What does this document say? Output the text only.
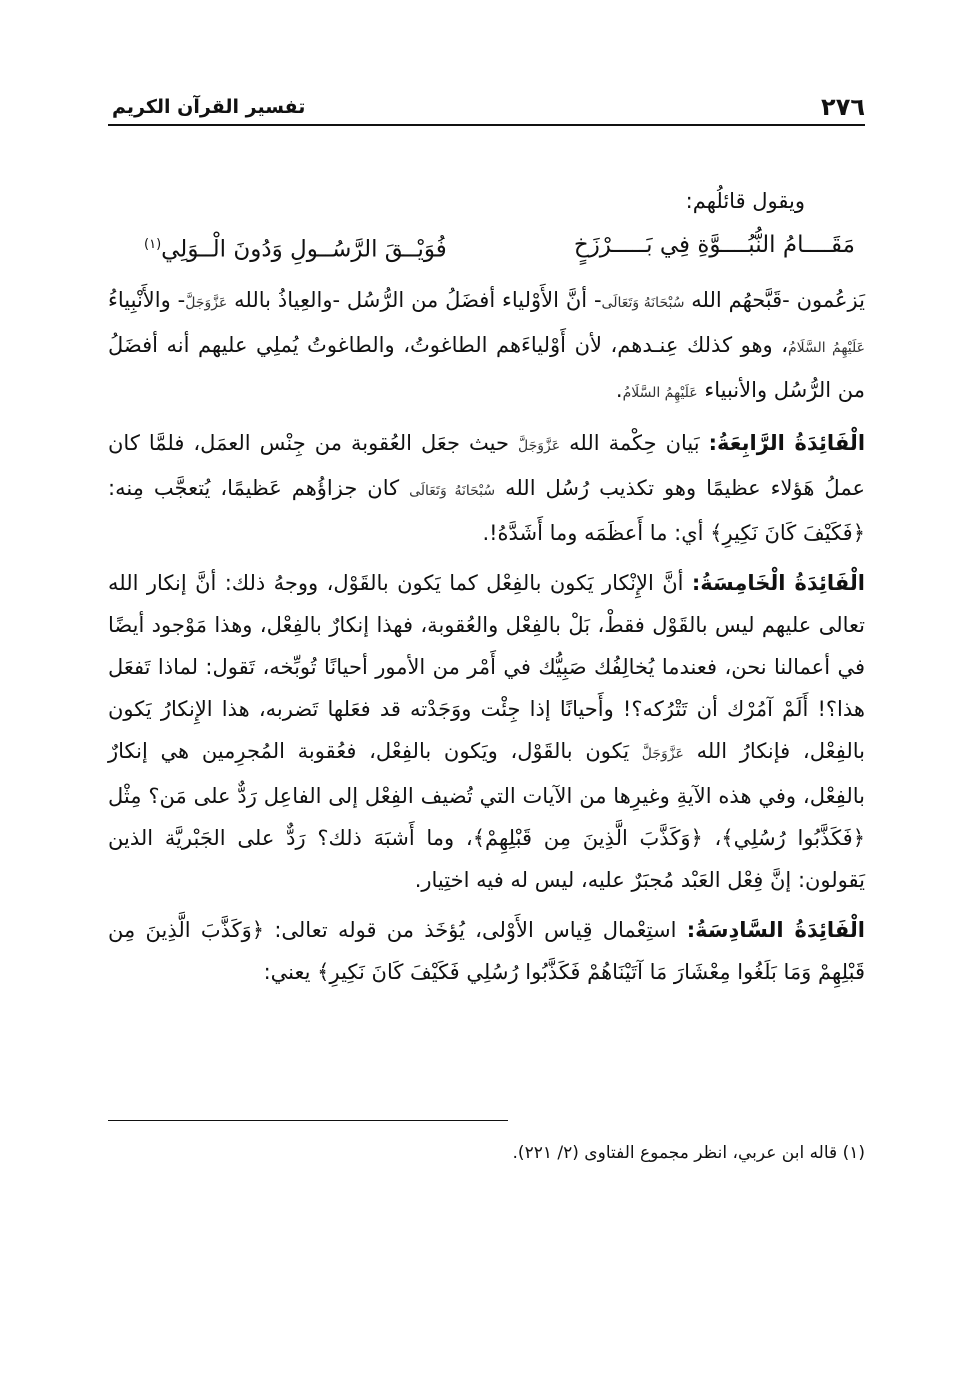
٢٧٦
تفسير القرآن الكريم

ويقول قائلُهم:

مَقَــــامُ النُّبُــــوَّةِ فِي بَـــــرْزَخٍ
فُوَيْــقَ الرَّسُــولِ وَدُونَ الْــوَلِي$^{(١)}$

يَزعُمون -قَبَّحهُم الله سُبْحَانَهُ وَتَعَالَى- أنَّ الأَوْلياء أفضَلُ من الرُّسُل -والعِياذُ بالله عَزَّوَجَلَّ- والأَنْبِياءُ عَلَيْهِمُ السَّلَامُ، وهو كذلك عِنـدهم، لأن أَوْلياءَهم الطاغوتُ، والطاغوتُ يُملِي عليهم أنه أفضَلُ من الرُّسُل والأنبياء عَلَيْهِمُ السَّلَامُ.

الْفَائِدَةُ الرَّابِعَةُ: بَيان حِكْمة الله عَزَّوَجَلَّ حيث جعَل العُقوبة من جِنْس العمَل، فلمَّا كان عملُ هَؤلاء عظيمًا وهو تكذيب رُسُل الله سُبْحَانَهُ وَتَعَالَى كان جزاؤُهم عَظيمًا، يُتعجَّب مِنه: ﴿فَكَيْفَ كَانَ نَكِيرِ﴾ أي: ما أَعظَمَه وما أَشَدَّهُ!.

الْفَائِدَةُ الْخَامِسَةُ: أنَّ الإِنْكار يَكون بالفِعْل كما يَكون بالقَوْل، ووجهُ ذلك: أنَّ إنكار الله تعالى عليهم ليس بالقَوْل فقطْ، بَلْ بالفِعْل والعُقوبة، فهذا إنكارٌ بالفِعْل، وهذا مَوْجود أيضًا في أعمالنا نحن، فعندما يُخالِفُك صَبِيُّك في أَمْر من الأمور أحيانًا تُوبِّخه، تَقول: لماذا تَفعَل هذا؟! أَلَمْ آمُرْك أن تَتْرُكه؟! وأَحيانًا إذا جِئْت ووَجَدْته قد فعَلها تَضربه، هذا الإِنكارُ يَكون بالفِعْل، فإنكارُ الله عَزَّوَجَلَّ يَكون بالقَوْل، ويَكون بالفِعْل، فعُقوبة المُجرِمين هي إنكارٌ بالفِعْل، وفي هذه الآيةِ وغيرِها من الآيات التي تُضيف الفِعْل إلى الفاعِل رَدٌّ على مَن؟ مِثْل ﴿فَكَذَّبُوا رُسُلِي﴾، ﴿وَكَذَّبَ الَّذِينَ مِن قَبْلِهِمْ﴾، وما أَشبَهَ ذلك؟ رَدٌّ على الجَبْريَّة الذين يَقولون: إنَّ فِعْل العَبْد مُجبَرٌ عليه، ليس له فيه اختِيار.

الْفَائِدَةُ السَّادِسَةُ: استِعْمال قِياس الأَوْلى، يُؤخَذ من قوله تعالى: ﴿وَكَذَّبَ الَّذِينَ مِن قَبْلِهِمْ وَمَا بَلَغُوا مِعْشَارَ مَا آتَيْنَاهُمْ فَكَذَّبُوا رُسُلِي فَكَيْفَ كَانَ نَكِيرِ﴾ يعني:

(١) قاله ابن عربي، انظر مجموع الفتاوى (٢/ ٢٢١).
